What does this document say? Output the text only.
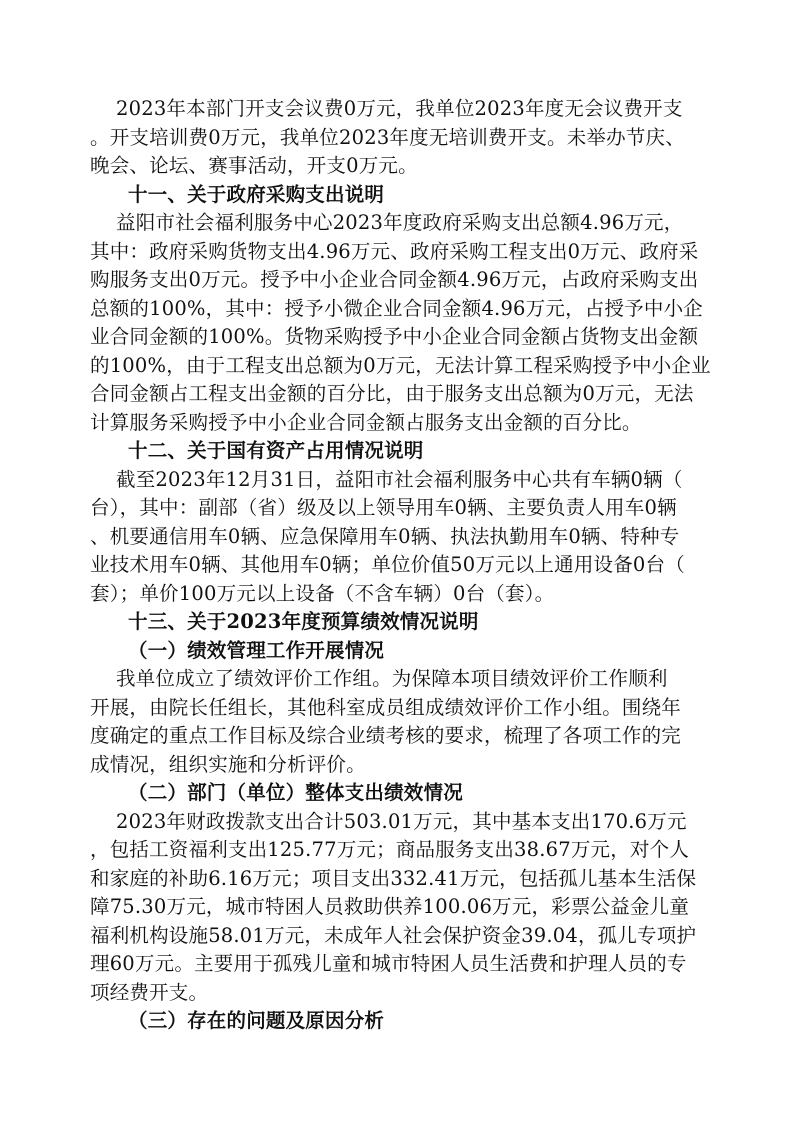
2023年本部门开支会议费0万元，我单位2023年度无会议费开支
。开支培训费0万元，我单位2023年度无培训费开支。未举办节庆、
晚会、论坛、赛事活动，开支0万元。
十一、关于政府采购支出说明
益阳市社会福利服务中心2023年度政府采购支出总额4.96万元，
其中：政府采购货物支出4.96万元、政府采购工程支出0万元、政府采
购服务支出0万元。授予中小企业合同金额4.96万元，占政府采购支出
总额的100%，其中：授予小微企业合同金额4.96万元，占授予中小企
业合同金额的100%。货物采购授予中小企业合同金额占货物支出金额
的100%，由于工程支出总额为0万元，无法计算工程采购授予中小企业
合同金额占工程支出金额的百分比，由于服务支出总额为0万元，无法
计算服务采购授予中小企业合同金额占服务支出金额的百分比。
十二、关于国有资产占用情况说明
截至2023年12月31日，益阳市社会福利服务中心共有车辆0辆（
台），其中：副部（省）级及以上领导用车0辆、主要负责人用车0辆
、机要通信用车0辆、应急保障用车0辆、执法执勤用车0辆、特种专
业技术用车0辆、其他用车0辆；单位价值50万元以上通用设备0台（
套）；单价100万元以上设备（不含车辆）0台（套）。
十三、关于2023年度预算绩效情况说明
（一）绩效管理工作开展情况
我单位成立了绩效评价工作组。为保障本项目绩效评价工作顺利
开展，由院长任组长，其他科室成员组成绩效评价工作小组。围绕年
度确定的重点工作目标及综合业绩考核的要求，梳理了各项工作的完
成情况，组织实施和分析评价。
（二）部门（单位）整体支出绩效情况
2023年财政拨款支出合计503.01万元，其中基本支出170.6万元
，包括工资福利支出125.77万元；商品服务支出38.67万元，对个人
和家庭的补助6.16万元；项目支出332.41万元，包括孤儿基本生活保
障75.30万元，城市特困人员救助供养100.06万元，彩票公益金儿童
福利机构设施58.01万元，未成年人社会保护资金39.04，孤儿专项护
理60万元。主要用于孤残儿童和城市特困人员生活费和护理人员的专
项经费开支。
（三）存在的问题及原因分析
